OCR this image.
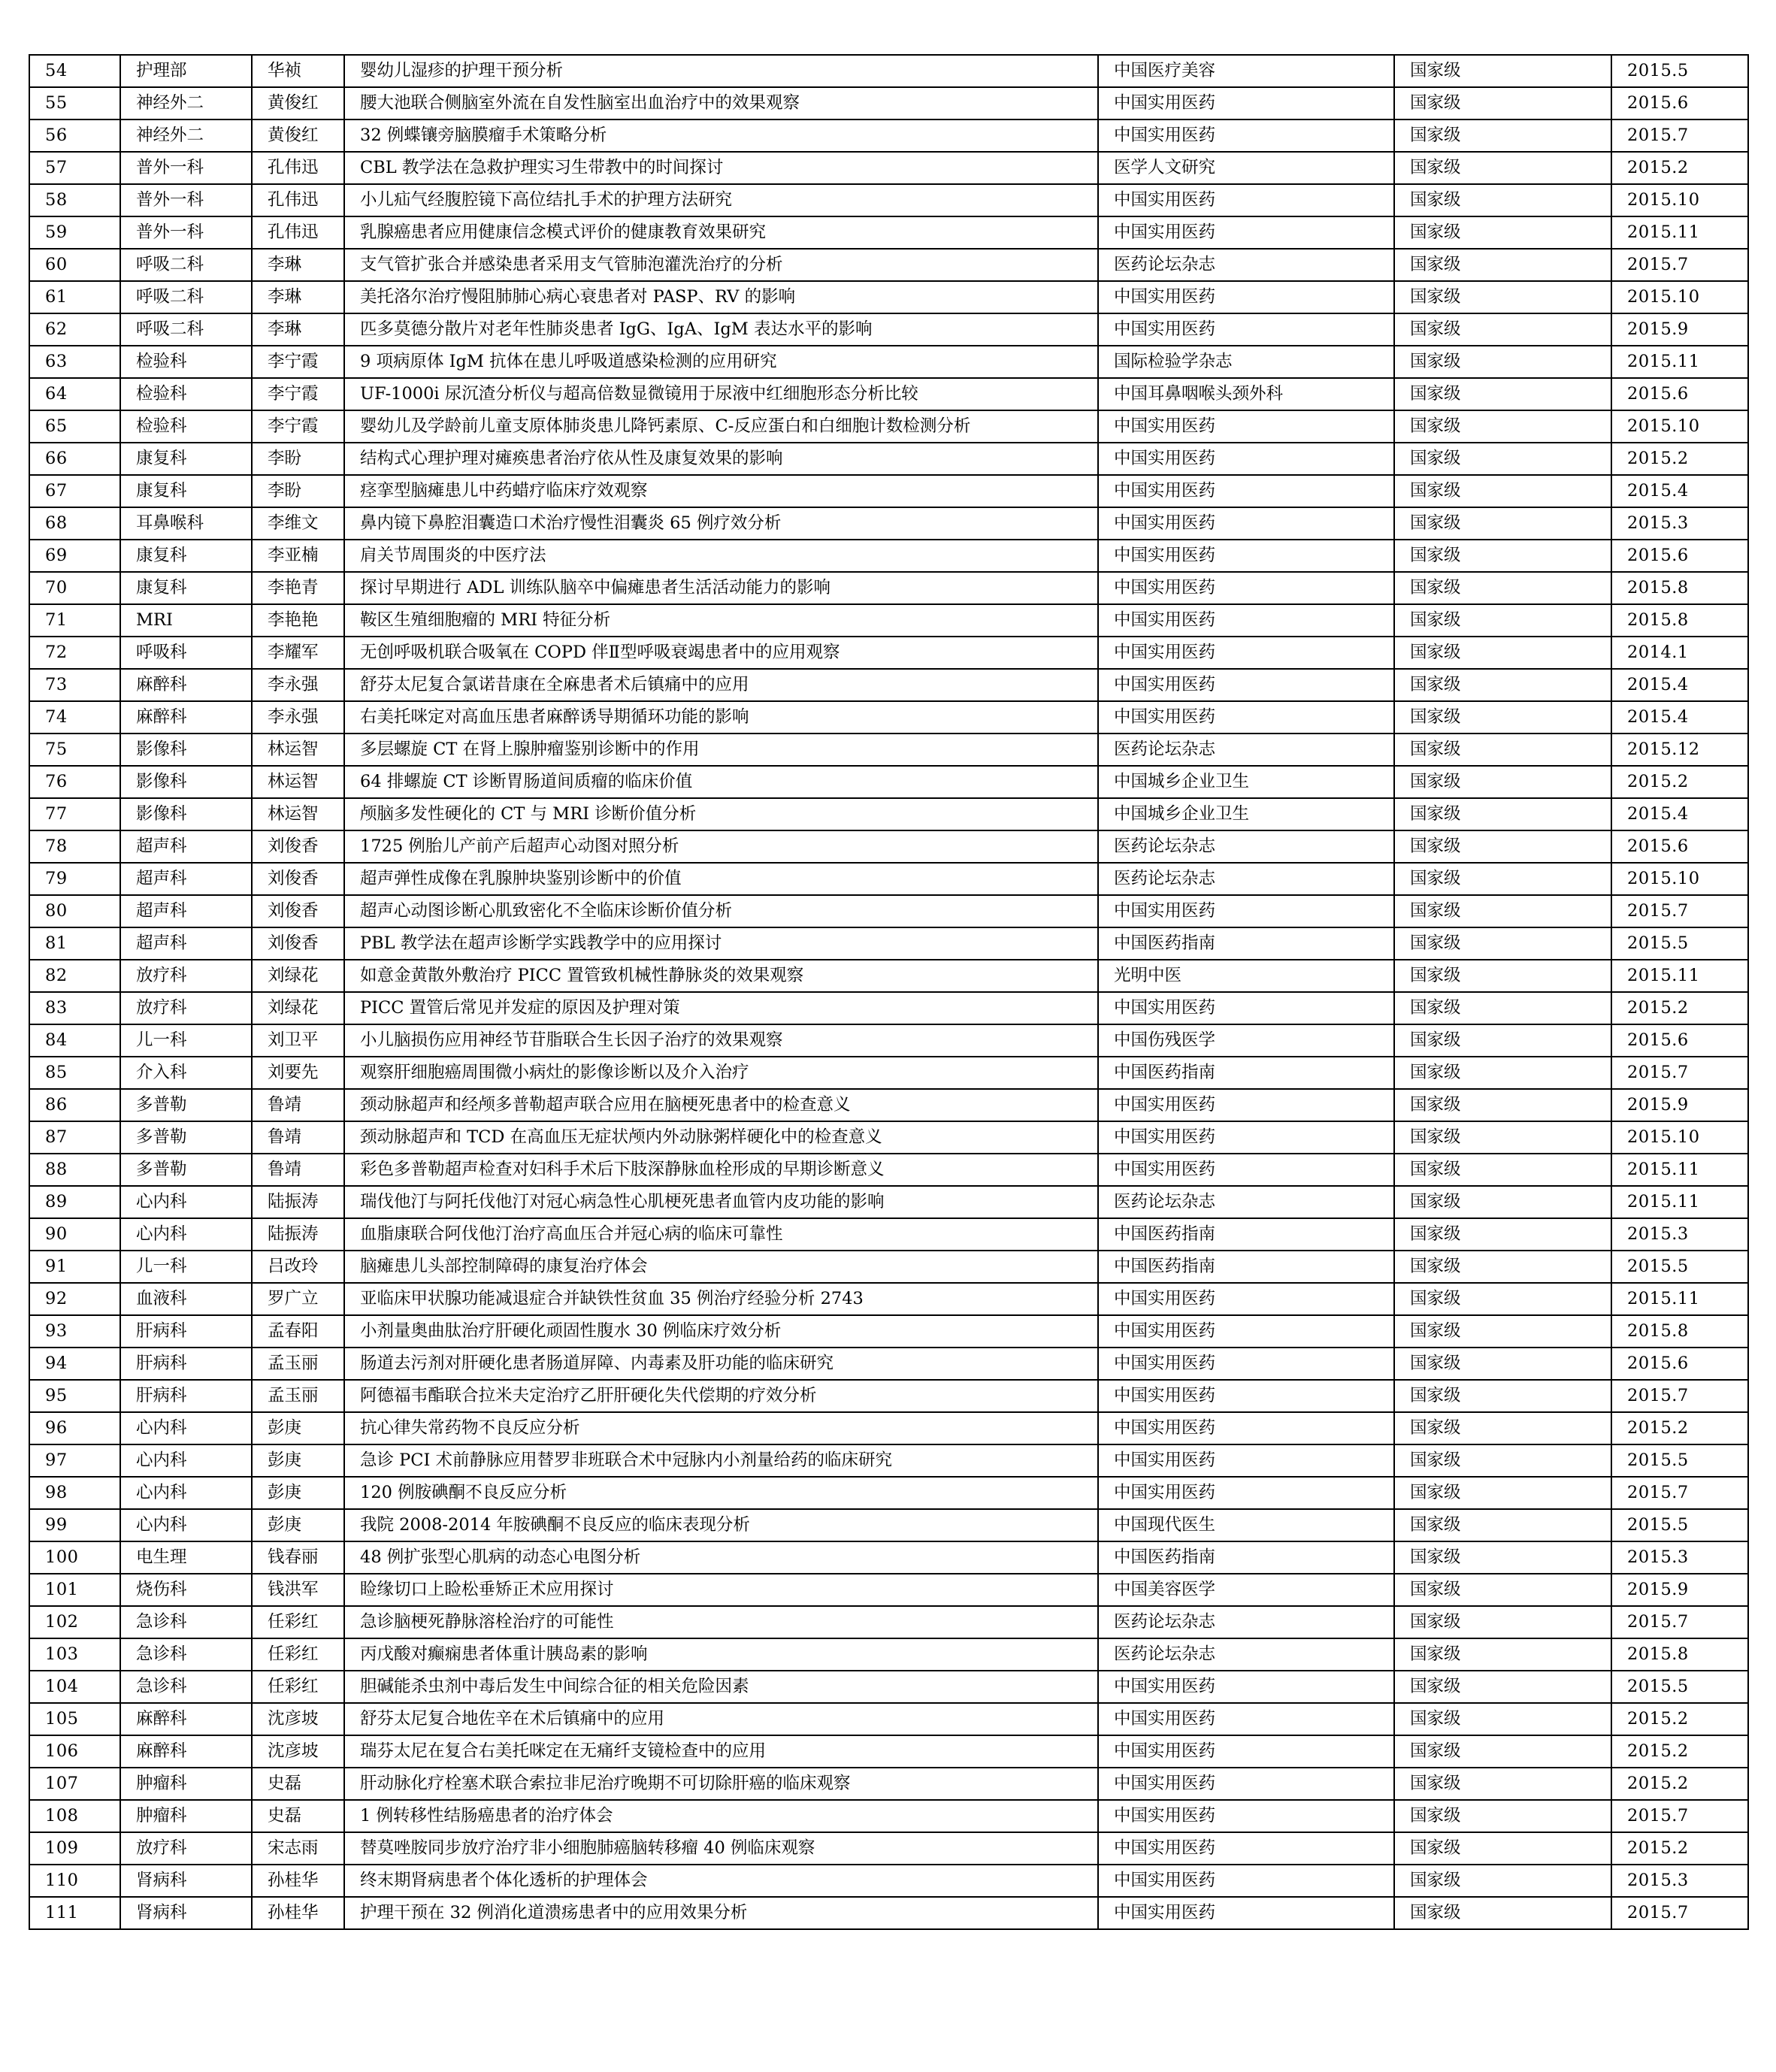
54	护理部	华祯	婴幼儿湿疹的护理干预分析	中国医疗美容	国家级	2015.5
55	神经外二	黄俊红	腰大池联合侧脑室外流在自发性脑室出血治疗中的效果观察	中国实用医药	国家级	2015.6
56	神经外二	黄俊红	32 例蝶镶旁脑膜瘤手术策略分析	中国实用医药	国家级	2015.7
57	普外一科	孔伟迅	CBL 教学法在急救护理实习生带教中的时间探讨	医学人文研究	国家级	2015.2
58	普外一科	孔伟迅	小儿疝气经腹腔镜下高位结扎手术的护理方法研究	中国实用医药	国家级	2015.10
59	普外一科	孔伟迅	乳腺癌患者应用健康信念模式评价的健康教育效果研究	中国实用医药	国家级	2015.11
60	呼吸二科	李琳	支气管扩张合并感染患者采用支气管肺泡灌洗治疗的分析	医药论坛杂志	国家级	2015.7
61	呼吸二科	李琳	美托洛尔治疗慢阻肺肺心病心衰患者对 PASP、RV 的影响	中国实用医药	国家级	2015.10
62	呼吸二科	李琳	匹多莫德分散片对老年性肺炎患者 IgG、IgA、IgM 表达水平的影响	中国实用医药	国家级	2015.9
63	检验科	李宁霞	9 项病原体 IgM 抗体在患儿呼吸道感染检测的应用研究	国际检验学杂志	国家级	2015.11
64	检验科	李宁霞	UF-1000i 尿沉渣分析仪与超高倍数显微镜用于尿液中红细胞形态分析比较	中国耳鼻咽喉头颈外科	国家级	2015.6
65	检验科	李宁霞	婴幼儿及学龄前儿童支原体肺炎患儿降钙素原、C-反应蛋白和白细胞计数检测分析	中国实用医药	国家级	2015.10
66	康复科	李盼	结构式心理护理对瘫痪患者治疗依从性及康复效果的影响	中国实用医药	国家级	2015.2
67	康复科	李盼	痉挛型脑瘫患儿中药蜡疗临床疗效观察	中国实用医药	国家级	2015.4
68	耳鼻喉科	李维文	鼻内镜下鼻腔泪囊造口术治疗慢性泪囊炎 65 例疗效分析	中国实用医药	国家级	2015.3
69	康复科	李亚楠	肩关节周围炎的中医疗法	中国实用医药	国家级	2015.6
70	康复科	李艳青	探讨早期进行 ADL 训练队脑卒中偏瘫患者生活活动能力的影响	中国实用医药	国家级	2015.8
71	MRI	李艳艳	鞍区生殖细胞瘤的 MRI 特征分析	中国实用医药	国家级	2015.8
72	呼吸科	李耀军	无创呼吸机联合吸氧在 COPD 伴Ⅱ型呼吸衰竭患者中的应用观察	中国实用医药	国家级	2014.1
73	麻醉科	李永强	舒芬太尼复合氯诺昔康在全麻患者术后镇痛中的应用	中国实用医药	国家级	2015.4
74	麻醉科	李永强	右美托咪定对高血压患者麻醉诱导期循环功能的影响	中国实用医药	国家级	2015.4
75	影像科	林运智	多层螺旋 CT 在肾上腺肿瘤鉴别诊断中的作用	医药论坛杂志	国家级	2015.12
76	影像科	林运智	64 排螺旋 CT 诊断胃肠道间质瘤的临床价值	中国城乡企业卫生	国家级	2015.2
77	影像科	林运智	颅脑多发性硬化的 CT 与 MRI 诊断价值分析	中国城乡企业卫生	国家级	2015.4
78	超声科	刘俊香	1725 例胎儿产前产后超声心动图对照分析	医药论坛杂志	国家级	2015.6
79	超声科	刘俊香	超声弹性成像在乳腺肿块鉴别诊断中的价值	医药论坛杂志	国家级	2015.10
80	超声科	刘俊香	超声心动图诊断心肌致密化不全临床诊断价值分析	中国实用医药	国家级	2015.7
81	超声科	刘俊香	PBL 教学法在超声诊断学实践教学中的应用探讨	中国医药指南	国家级	2015.5
82	放疗科	刘绿花	如意金黄散外敷治疗 PICC 置管致机械性静脉炎的效果观察	光明中医	国家级	2015.11
83	放疗科	刘绿花	PICC 置管后常见并发症的原因及护理对策	中国实用医药	国家级	2015.2
84	儿一科	刘卫平	小儿脑损伤应用神经节苷脂联合生长因子治疗的效果观察	中国伤残医学	国家级	2015.6
85	介入科	刘要先	观察肝细胞癌周围微小病灶的影像诊断以及介入治疗	中国医药指南	国家级	2015.7
86	多普勒	鲁靖	颈动脉超声和经颅多普勒超声联合应用在脑梗死患者中的检查意义	中国实用医药	国家级	2015.9
87	多普勒	鲁靖	颈动脉超声和 TCD 在高血压无症状颅内外动脉粥样硬化中的检查意义	中国实用医药	国家级	2015.10
88	多普勒	鲁靖	彩色多普勒超声检查对妇科手术后下肢深静脉血栓形成的早期诊断意义	中国实用医药	国家级	2015.11
89	心内科	陆振涛	瑞伐他汀与阿托伐他汀对冠心病急性心肌梗死患者血管内皮功能的影响	医药论坛杂志	国家级	2015.11
90	心内科	陆振涛	血脂康联合阿伐他汀治疗高血压合并冠心病的临床可靠性	中国医药指南	国家级	2015.3
91	儿一科	吕改玲	脑瘫患儿头部控制障碍的康复治疗体会	中国医药指南	国家级	2015.5
92	血液科	罗广立	亚临床甲状腺功能减退症合并缺铁性贫血 35 例治疗经验分析 2743	中国实用医药	国家级	2015.11
93	肝病科	孟春阳	小剂量奥曲肽治疗肝硬化顽固性腹水 30 例临床疗效分析	中国实用医药	国家级	2015.8
94	肝病科	孟玉丽	肠道去污剂对肝硬化患者肠道屏障、内毒素及肝功能的临床研究	中国实用医药	国家级	2015.6
95	肝病科	孟玉丽	阿德福韦酯联合拉米夫定治疗乙肝肝硬化失代偿期的疗效分析	中国实用医药	国家级	2015.7
96	心内科	彭庚	抗心律失常药物不良反应分析	中国实用医药	国家级	2015.2
97	心内科	彭庚	急诊 PCI 术前静脉应用替罗非班联合术中冠脉内小剂量给药的临床研究	中国实用医药	国家级	2015.5
98	心内科	彭庚	120 例胺碘酮不良反应分析	中国实用医药	国家级	2015.7
99	心内科	彭庚	我院 2008-2014 年胺碘酮不良反应的临床表现分析	中国现代医生	国家级	2015.5
100	电生理	钱春丽	48 例扩张型心肌病的动态心电图分析	中国医药指南	国家级	2015.3
101	烧伤科	钱洪军	睑缘切口上睑松垂矫正术应用探讨	中国美容医学	国家级	2015.9
102	急诊科	任彩红	急诊脑梗死静脉溶栓治疗的可能性	医药论坛杂志	国家级	2015.7
103	急诊科	任彩红	丙戊酸对癫痫患者体重计胰岛素的影响	医药论坛杂志	国家级	2015.8
104	急诊科	任彩红	胆碱能杀虫剂中毒后发生中间综合征的相关危险因素	中国实用医药	国家级	2015.5
105	麻醉科	沈彦坡	舒芬太尼复合地佐辛在术后镇痛中的应用	中国实用医药	国家级	2015.2
106	麻醉科	沈彦坡	瑞芬太尼在复合右美托咪定在无痛纤支镜检查中的应用	中国实用医药	国家级	2015.2
107	肿瘤科	史磊	肝动脉化疗栓塞术联合索拉非尼治疗晚期不可切除肝癌的临床观察	中国实用医药	国家级	2015.2
108	肿瘤科	史磊	1 例转移性结肠癌患者的治疗体会	中国实用医药	国家级	2015.7
109	放疗科	宋志雨	替莫唑胺同步放疗治疗非小细胞肺癌脑转移瘤 40 例临床观察	中国实用医药	国家级	2015.2
110	肾病科	孙桂华	终末期肾病患者个体化透析的护理体会	中国实用医药	国家级	2015.3
111	肾病科	孙桂华	护理干预在 32 例消化道溃疡患者中的应用效果分析	中国实用医药	国家级	2015.7
